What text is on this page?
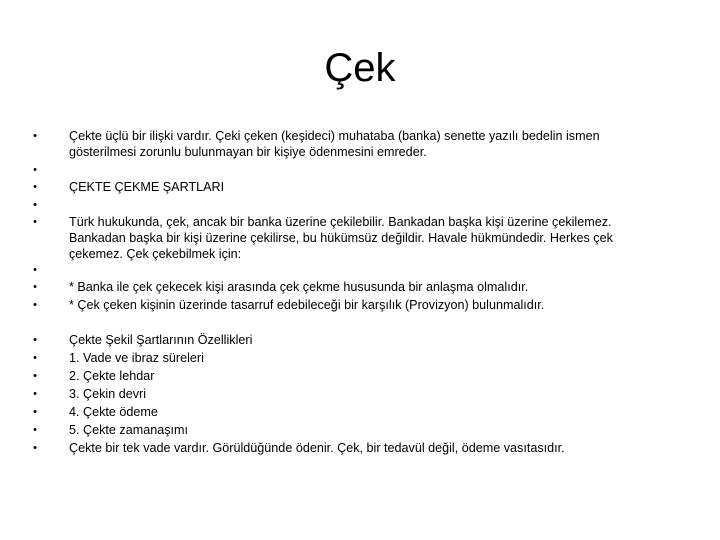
Çek
•	Çekte üçlü bir ilişki vardır. Çeki çeken (keşideci) muhataba (banka) senette yazılı bedelin ismen gösterilmesi zorunlu bulunmayan bir kişiye ödenmesini emreder.
•
•	ÇEKTE ÇEKME ŞARTLARI
•
•	Türk hukukunda, çek, ancak bir banka üzerine çekilebilir. Bankadan başka kişi üzerine çekilemez. Bankadan başka bir kişi üzerine çekilirse, bu hükümsüz değildir. Havale hükmündedir. Herkes çek çekemez. Çek çekebilmek için:
•
•	* Banka ile çek çekecek kişi arasında çek çekme hususunda bir anlaşma olmalıdır.
•	* Çek çeken kişinin üzerinde tasarruf edebileceği bir karşılık (Provizyon) bulunmalıdır.
•	Çekte Şekil Şartlarının Özellikleri
•	1. Vade ve ibraz süreleri
•	2. Çekte lehdar
•	3. Çekin devri
•	4. Çekte ödeme
•	5. Çekte zamanaşımı
•	Çekte bir tek vade vardır. Görüldüğünde ödenir. Çek, bir tedavül değil, ödeme vasıtasıdır.
